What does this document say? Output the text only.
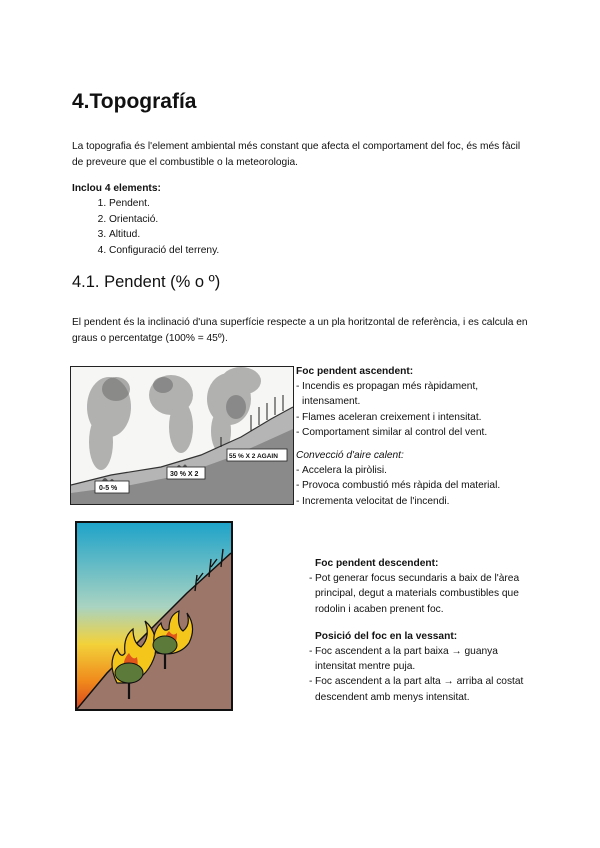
4.Topografía
La topografia és l'element ambiental més constant que afecta el comportament del foc, és més fàcil de preveure que el combustible o la meteorologia.
Inclou 4 elements:
1. Pendent.
2. Orientació.
3. Altitud.
4. Configuració del terreny.
4.1. Pendent (% o º)
El pendent és la inclinació d'una superfície respecte a un pla horitzontal de referència, i es calcula en graus o percentatge (100% = 45º).
0-5 %
30 % X 2
55 % X 2 AGAIN
Foc pendent ascendent:
- Incendis es propagan més ràpidament, intensament.
- Flames aceleran creixement i intensitat.
- Comportament similar al control del vent.
Convecció d'aire calent:
- Accelera la piròlisi.
- Provoca combustió més ràpida del material.
- Incrementa velocitat de l'incendi.
Foc pendent descendent:
- Pot generar focus secundaris a baix de l'àrea principal, degut a materials combustibles que rodolin i acaben prenent foc.
Posició del foc en la vessant:
- Foc ascendent a la part baixa → guanya intensitat mentre puja.
- Foc ascendent a la part alta → arriba al costat descendent amb menys intensitat.
